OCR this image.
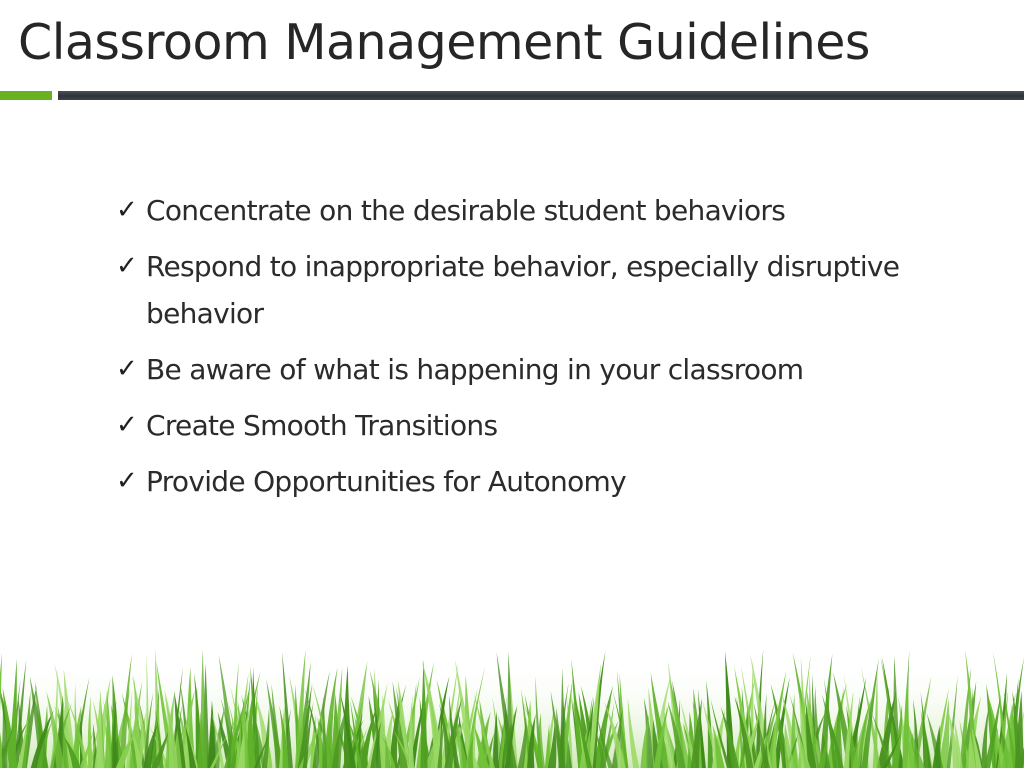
Classroom Management Guidelines
✓ Concentrate on the desirable student behaviors
✓ Respond to inappropriate behavior, especially disruptive behavior
✓ Be aware of what is happening in your classroom
✓ Create Smooth Transitions
✓ Provide Opportunities for Autonomy
